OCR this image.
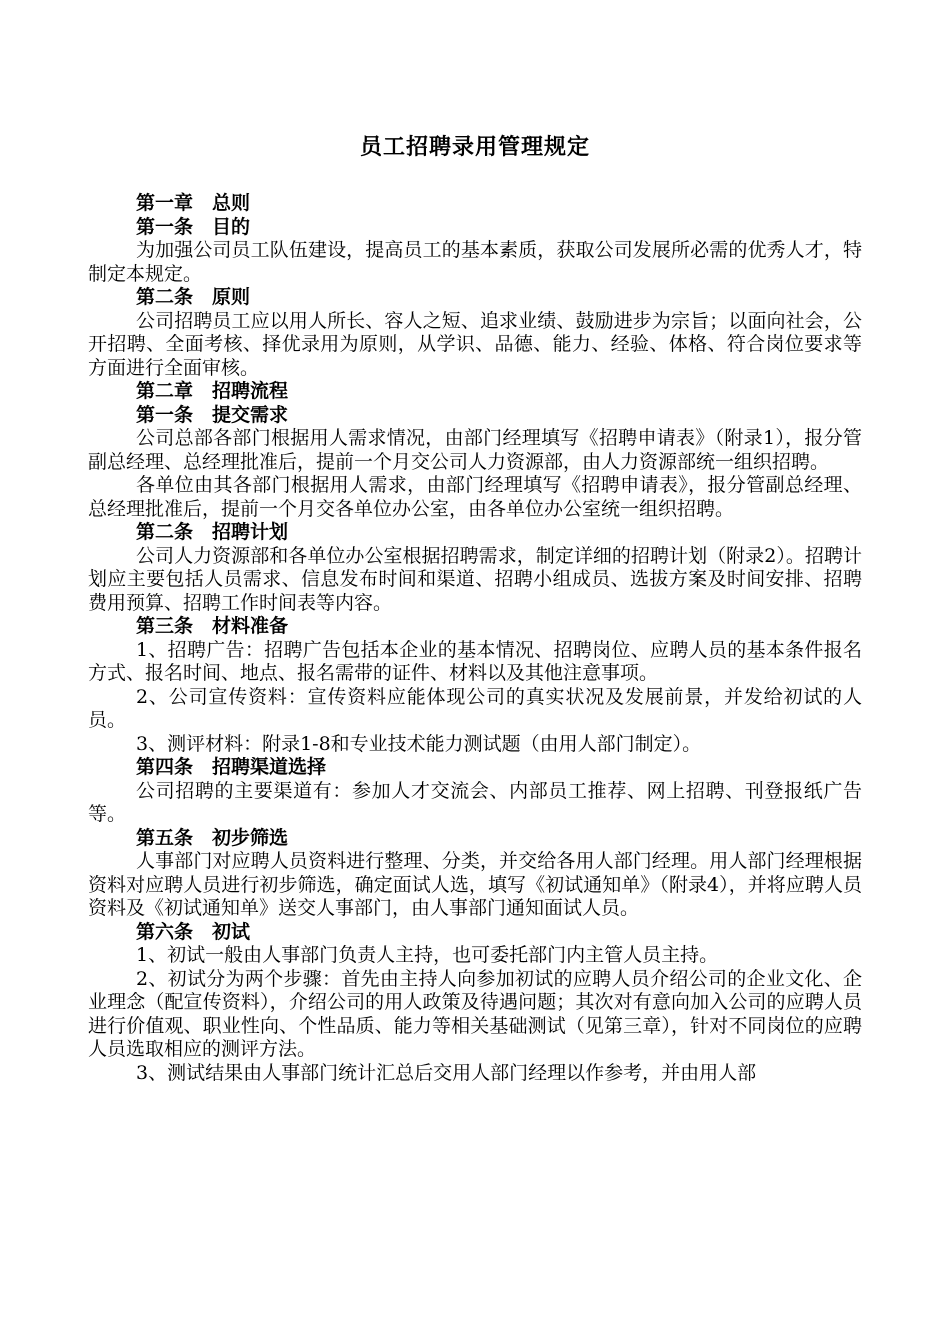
员工招聘录用管理规定
第一章　总则
第一条　目的
为加强公司员工队伍建设，提高员工的基本素质，获取公司发展所必需的优秀人才，特制定本规定。
第二条　原则
公司招聘员工应以用人所长、容人之短、追求业绩、鼓励进步为宗旨；以面向社会，公开招聘、全面考核、择优录用为原则，从学识、品德、能力、经验、体格、符合岗位要求等方面进行全面审核。
第二章　招聘流程
第一条　提交需求
公司总部各部门根据用人需求情况，由部门经理填写《招聘申请表》（附录1），报分管副总经理、总经理批准后，提前一个月交公司人力资源部，由人力资源部统一组织招聘。
各单位由其各部门根据用人需求，由部门经理填写《招聘申请表》，报分管副总经理、总经理批准后，提前一个月交各单位办公室，由各单位办公室统一组织招聘。
第二条　招聘计划
公司人力资源部和各单位办公室根据招聘需求，制定详细的招聘计划（附录2）。招聘计划应主要包括人员需求、信息发布时间和渠道、招聘小组成员、选拔方案及时间安排、招聘费用预算、招聘工作时间表等内容。
第三条　材料准备
1、招聘广告：招聘广告包括本企业的基本情况、招聘岗位、应聘人员的基本条件报名方式、报名时间、地点、报名需带的证件、材料以及其他注意事项。
2、公司宣传资料：宣传资料应能体现公司的真实状况及发展前景，并发给初试的人员。
3、测评材料：附录1-8和专业技术能力测试题（由用人部门制定）。
第四条　招聘渠道选择
公司招聘的主要渠道有：参加人才交流会、内部员工推荐、网上招聘、刊登报纸广告等。
第五条　初步筛选
人事部门对应聘人员资料进行整理、分类，并交给各用人部门经理。用人部门经理根据资料对应聘人员进行初步筛选，确定面试人选，填写《初试通知单》（附录4），并将应聘人员资料及《初试通知单》送交人事部门，由人事部门通知面试人员。
第六条　初试
1、初试一般由人事部门负责人主持，也可委托部门内主管人员主持。
2、初试分为两个步骤：首先由主持人向参加初试的应聘人员介绍公司的企业文化、企业理念（配宣传资料），介绍公司的用人政策及待遇问题；其次对有意向加入公司的应聘人员进行价值观、职业性向、个性品质、能力等相关基础测试（见第三章），针对不同岗位的应聘人员选取相应的测评方法。
3、测试结果由人事部门统计汇总后交用人部门经理以作参考，并由用人部
